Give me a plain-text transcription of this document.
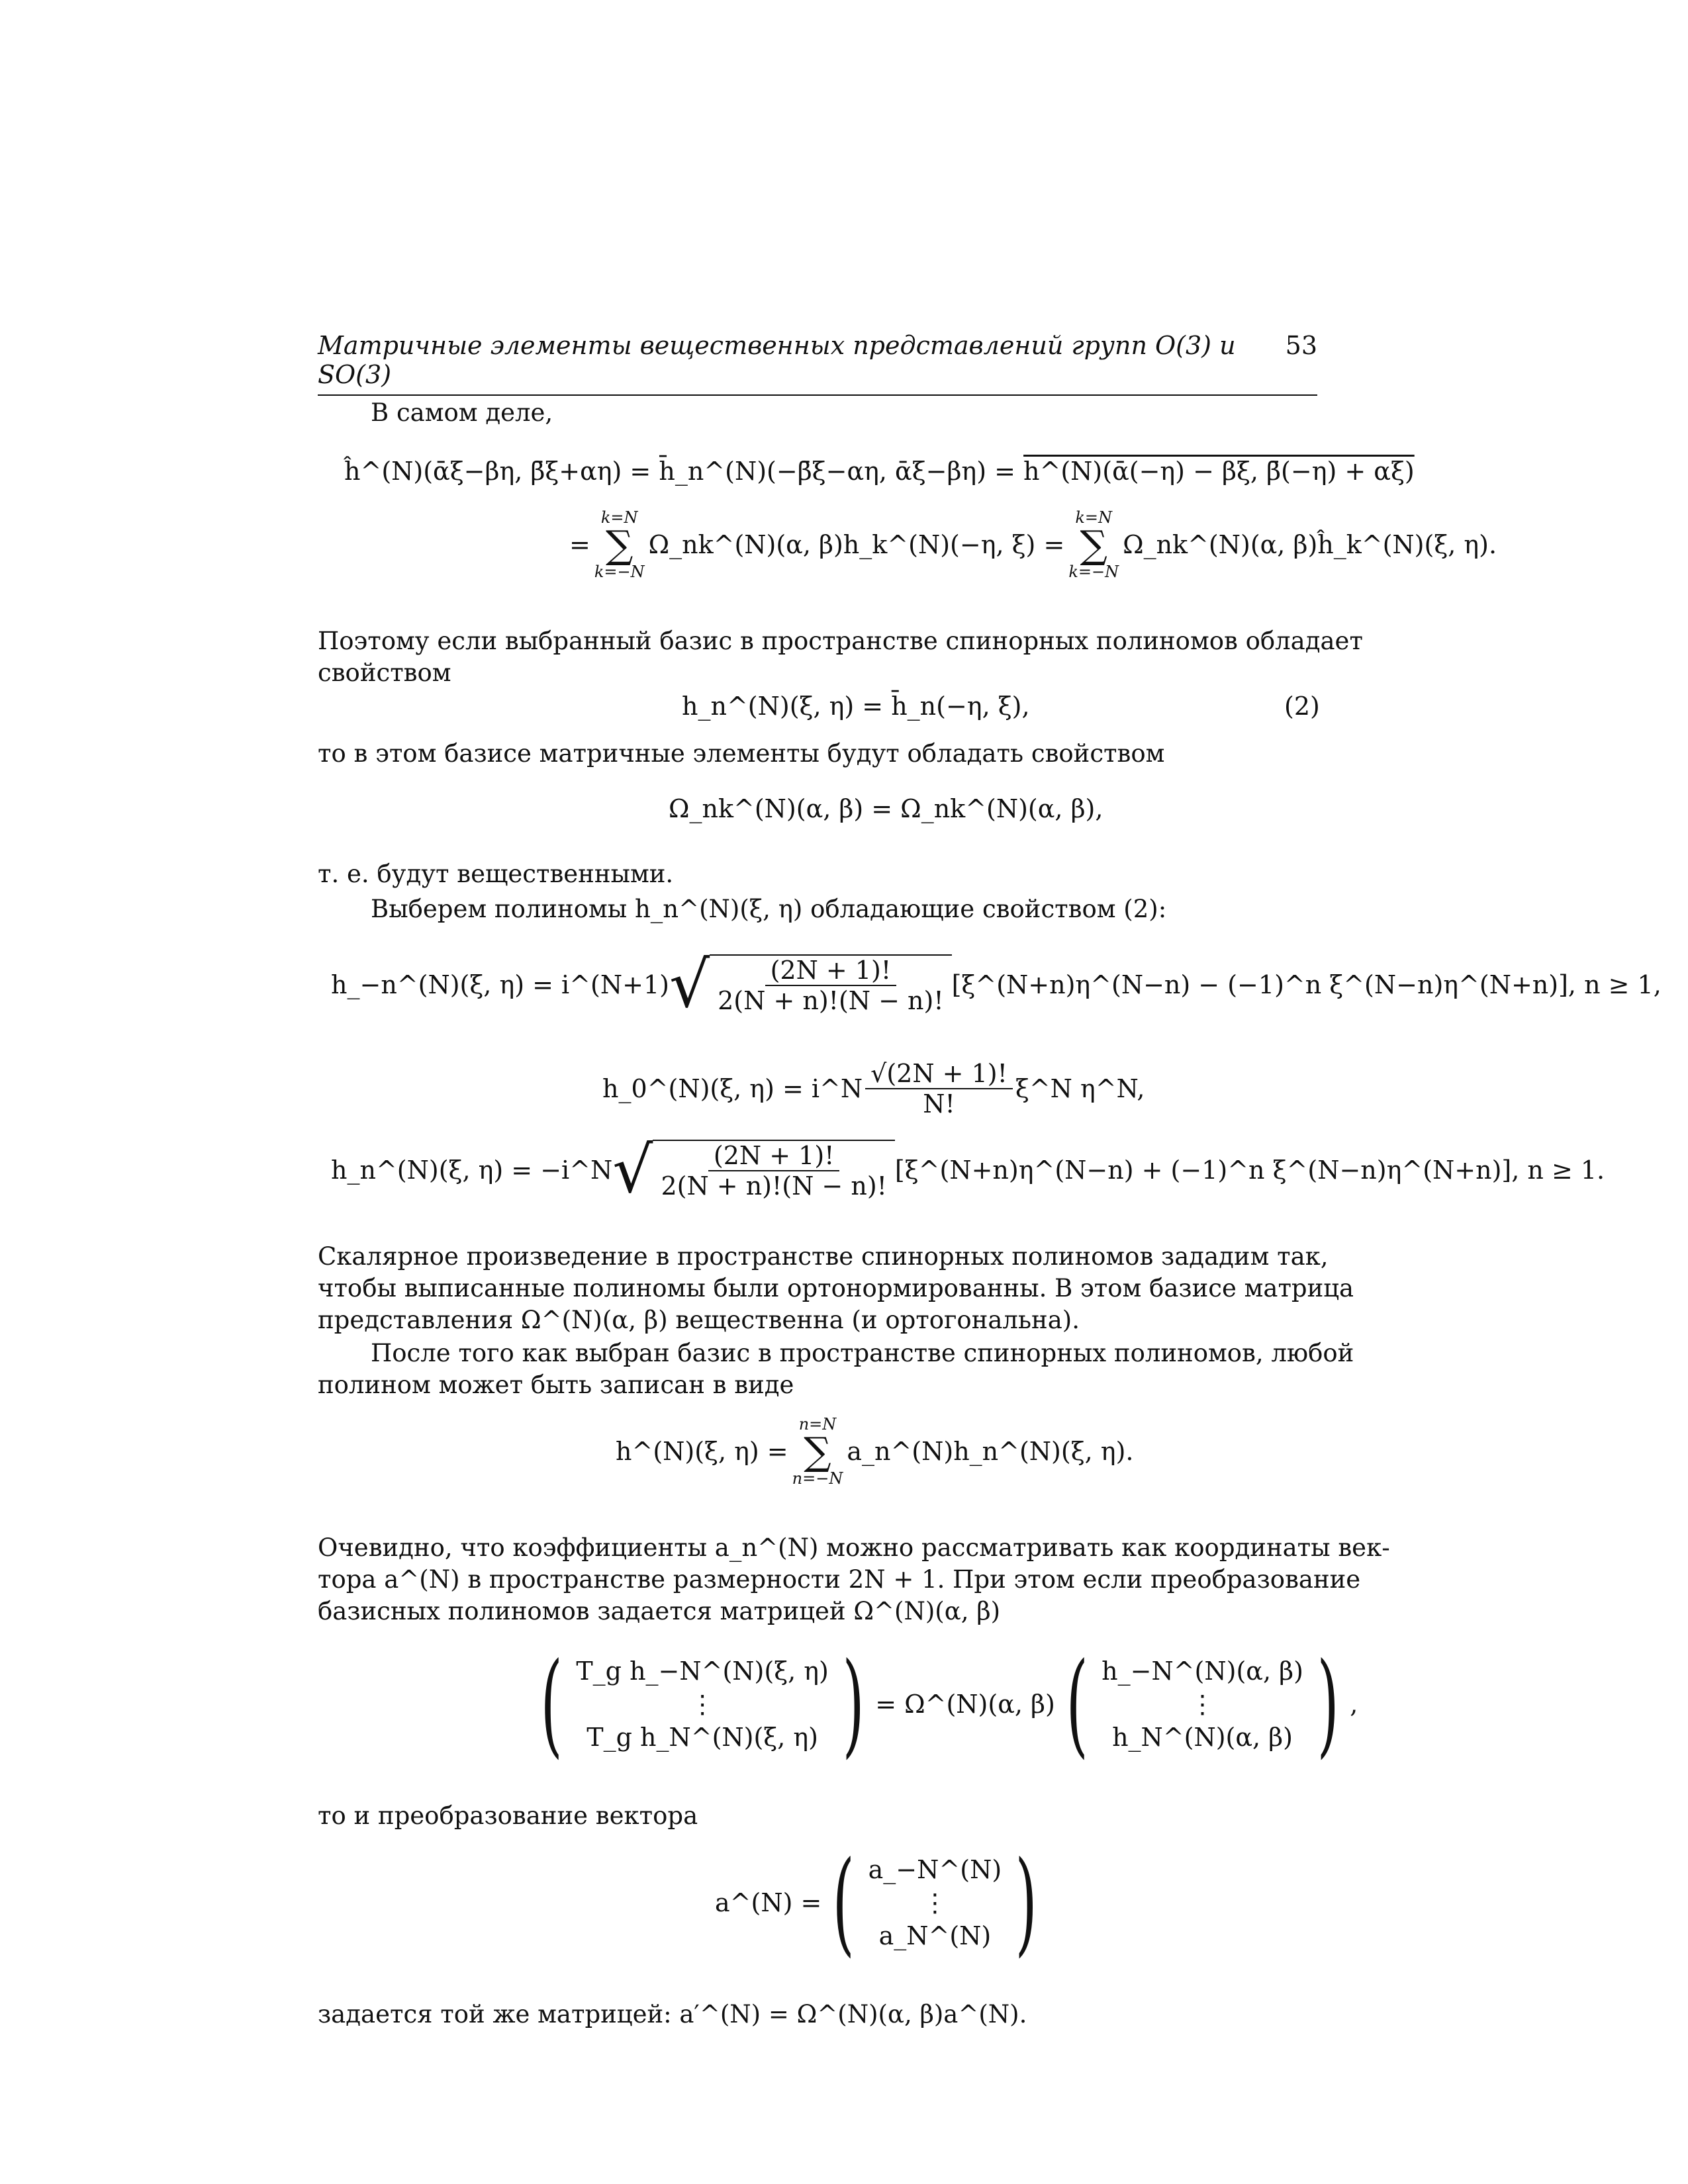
Матричные элементы вещественных представлений групп O(3) и SO(3)
53
В самом деле,
ĥ^(N)(ᾱξ−βη, β̄ξ+αη) = h̄_n^(N)(−β̄ξ−αη, ᾱξ−βη) = h^(N)(ᾱ(−η) − βξ, β̄(−η) + αξ)
=
k=N
∑
k=−N
Ω_nk^(N)(α, β)h_k^(N)(−η, ξ) =
k=N
∑
k=−N
Ω_nk^(N)(α, β)ĥ_k^(N)(ξ, η).
Поэтому если выбранный базис в пространстве спинорных полиномов обладает
свойством
h_n^(N)(ξ, η) = h̄_n(−η, ξ),	(2)
то в этом базисе матричные элементы будут обладать свойством
Ω_nk^(N)(α, β) = Ω_nk^(N)(α, β),
т. е. будут вещественными.
Выберем полиномы h_n^(N)(ξ, η) обладающие свойством (2):
h_−n^(N)(ξ, η) = i^(N+1) √ $\frac{(2N + 1)!}{2(N + n)!(N - n)!}$ [ξ^(N+n)η^(N−n) − (−1)^n ξ^(N−n)η^(N+n)], n ≥ 1,
h_0^(N)(ξ, η) = i^N $\frac{√(2N + 1)!}{N!}$ ξ^N η^N,
h_n^(N)(ξ, η) = −i^N √ $\frac{(2N + 1)!}{2(N + n)!(N - n)!}$ [ξ^(N+n)η^(N−n) + (−1)^n ξ^(N−n)η^(N+n)], n ≥ 1.
Скалярное произведение в пространстве спинорных полиномов зададим так,
чтобы выписанные полиномы были ортонормированны. В этом базисе матрица
представления Ω^(N)(α, β) вещественна (и ортогональна).
После того как выбран базис в пространстве спинорных полиномов, любой
полином может быть записан в виде
h^(N)(ξ, η) =
n=N
∑
n=−N
a_n^(N)h_n^(N)(ξ, η).
Очевидно, что коэффициенты a_n^(N) можно рассматривать как координаты век-
тора a^(N) в пространстве размерности 2N + 1. При этом если преобразование
базисных полиномов задается матрицей Ω^(N)(α, β)
( T_g h_−N^(N)(ξ, η)
⋮
T_g h_N^(N)(ξ, η) ) = Ω^(N)(α, β) ( h_−N^(N)(α, β)
⋮
h_N^(N)(α, β) ) ,
то и преобразование вектора
a^(N) = ( a_−N^(N)
⋮
a_N^(N) )
задается той же матрицей: a′^(N) = Ω^(N)(α, β)a^(N).
